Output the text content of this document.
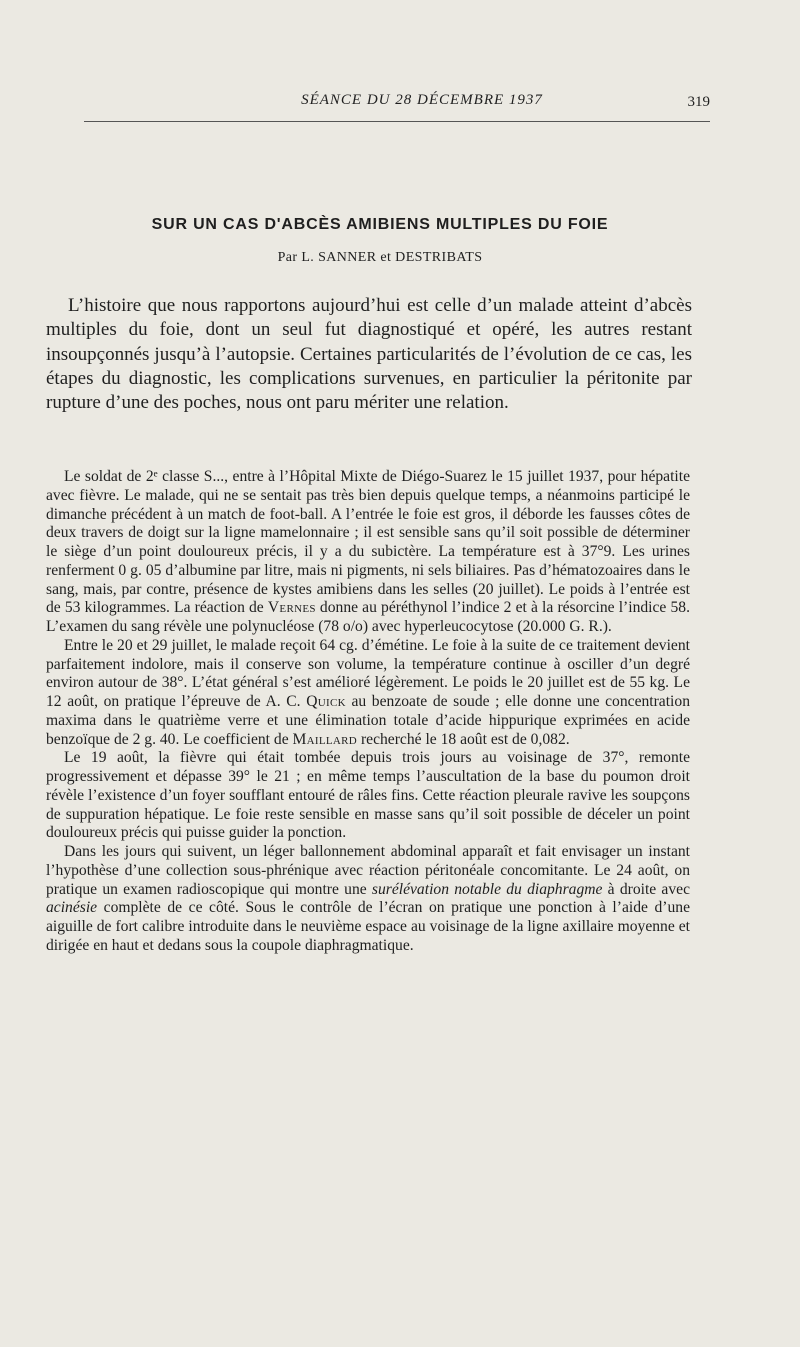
SÉANCE DU 28 DÉCEMBRE 1937	319
SUR UN CAS D'ABCÈS AMIBIENS MULTIPLES DU FOIE
Par L. SANNER et DESTRIBATS

L’histoire que nous rapportons aujourd’hui est celle d’un malade atteint d’abcès multiples du foie, dont un seul fut diagnostiqué et opéré, les autres restant insoupçonnés jusqu’à l’autopsie. Certaines particularités de l’évolution de ce cas, les étapes du diagnostic, les complications survenues, en particulier la péritonite par rupture d’une des poches, nous ont paru mériter une relation.

Le soldat de 2ᵉ classe S..., entre à l’Hôpital Mixte de Diégo-Suarez le 15 juillet 1937, pour hépatite avec fièvre. Le malade, qui ne se sentait pas très bien depuis quelque temps, a néanmoins participé le dimanche précédent à un match de foot-ball. A l’entrée le foie est gros, il déborde les fausses côtes de deux travers de doigt sur la ligne mamelonnaire ; il est sensible sans qu’il soit possible de déterminer le siège d’un point douloureux précis, il y a du subictère. La température est à 37°9. Les urines renferment 0 g. 05 d’albumine par litre, mais ni pigments, ni sels biliaires. Pas d’hématozoaires dans le sang, mais, par contre, présence de kystes amibiens dans les selles (20 juillet). Le poids à l’entrée est de 53 kilogrammes. La réaction de Vernes donne au péréthynol l’indice 2 et à la résorcine l’indice 58. L’examen du sang révèle une polynucléose (78 o/o) avec hyperleucocytose (20.000 G. R.).

Entre le 20 et 29 juillet, le malade reçoit 64 cg. d’émétine. Le foie à la suite de ce traitement devient parfaitement indolore, mais il conserve son volume, la température continue à osciller d’un degré environ autour de 38°. L’état général s’est amélioré légèrement. Le poids le 20 juillet est de 55 kg. Le 12 août, on pratique l’épreuve de A. C. Quick au benzoate de soude ; elle donne une concentration maxima dans le quatrième verre et une élimination totale d’acide hippurique exprimées en acide benzoïque de 2 g. 40. Le coefficient de Maillard recherché le 18 août est de 0,082.

Le 19 août, la fièvre qui était tombée depuis trois jours au voisinage de 37°, remonte progressivement et dépasse 39° le 21 ; en même temps l’auscultation de la base du poumon droit révèle l’existence d’un foyer soufflant entouré de râles fins. Cette réaction pleurale ravive les soupçons de suppuration hépatique. Le foie reste sensible en masse sans qu’il soit possible de déceler un point douloureux précis qui puisse guider la ponction.

Dans les jours qui suivent, un léger ballonnement abdominal apparaît et fait envisager un instant l’hypothèse d’une collection sous-phrénique avec réaction péritonéale concomitante. Le 24 août, on pratique un examen radioscopique qui montre une surélévation notable du diaphragme à droite avec acinésie complète de ce côté. Sous le contrôle de l’écran on pratique une ponction à l’aide d’une aiguille de fort calibre introduite dans le neuvième espace au voisinage de la ligne axillaire moyenne et dirigée en haut et dedans sous la coupole diaphragmatique.
